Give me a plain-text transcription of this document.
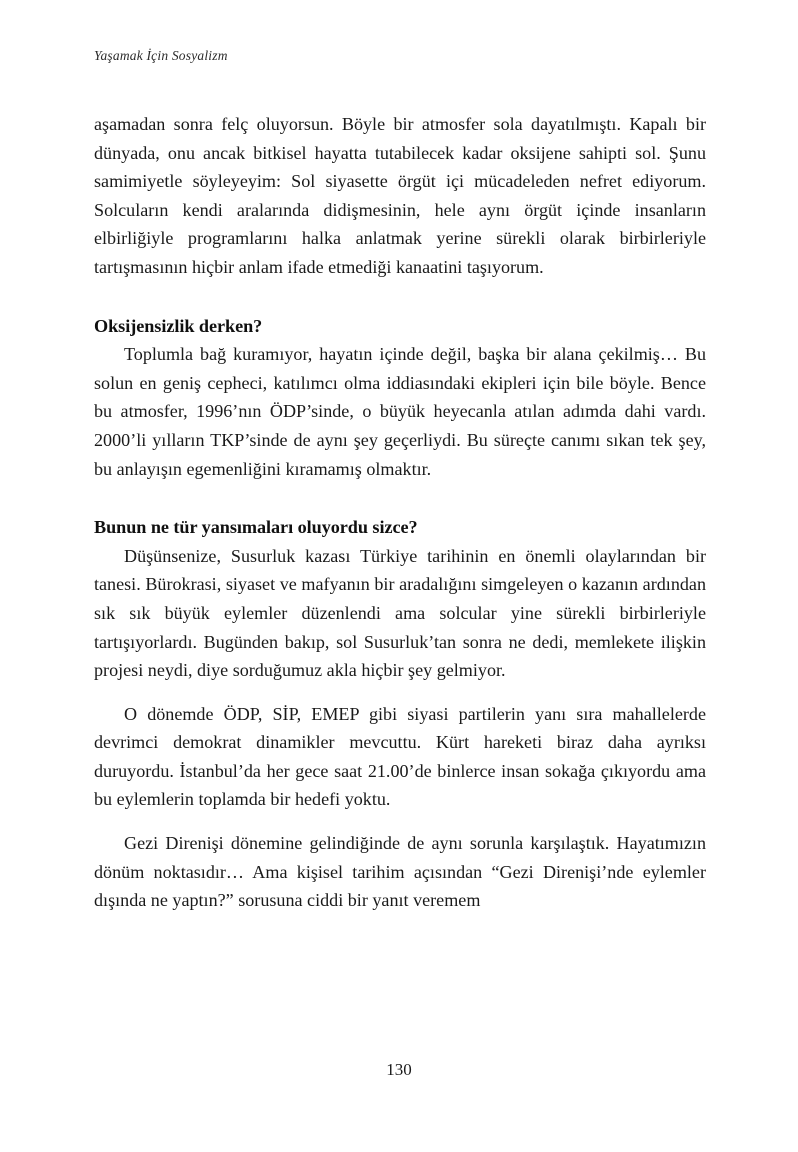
Yaşamak İçin Sosyalizm

aşamadan sonra felç oluyorsun. Böyle bir atmosfer sola dayatılmıştı. Kapalı bir dünyada, onu ancak bitkisel hayatta tutabilecek kadar oksijene sahipti sol. Şunu samimiyetle söyleyeyim: Sol siyasette örgüt içi mücadeleden nefret ediyorum. Solcuların kendi aralarında didişmesinin, hele aynı örgüt içinde insanların elbirliğiyle programlarını halka anlatmak yerine sürekli olarak birbirleriyle tartışmasının hiçbir anlam ifade etmediği kanaatini taşıyorum.

Oksijensizlik derken?

Toplumla bağ kuramıyor, hayatın içinde değil, başka bir alana çekilmiş… Bu solun en geniş cepheci, katılımcı olma iddiasındaki ekipleri için bile böyle. Bence bu atmosfer, 1996’nın ÖDP’sinde, o büyük heyecanla atılan adımda dahi vardı. 2000’li yılların TKP’sinde de aynı şey geçerliydi. Bu süreçte canımı sıkan tek şey, bu anlayışın egemenliğini kıramamış olmaktır.

Bunun ne tür yansımaları oluyordu sizce?

Düşünsenize, Susurluk kazası Türkiye tarihinin en önemli olaylarından bir tanesi. Bürokrasi, siyaset ve mafyanın bir aradalığını simgeleyen o kazanın ardından sık sık büyük eylemler düzenlendi ama solcular yine sürekli birbirleriyle tartışıyorlardı. Bugünden bakıp, sol Susurluk’tan sonra ne dedi, memlekete ilişkin projesi neydi, diye sorduğumuz akla hiçbir şey gelmiyor.

O dönemde ÖDP, SİP, EMEP gibi siyasi partilerin yanı sıra mahallelerde devrimci demokrat dinamikler mevcuttu. Kürt hareketi biraz daha ayrıksı duruyordu. İstanbul’da her gece saat 21.00’de binlerce insan sokağa çıkıyordu ama bu eylemlerin toplamda bir hedefi yoktu.

Gezi Direnişi dönemine gelindiğinde de aynı sorunla karşılaştık. Hayatımızın dönüm noktasıdır… Ama kişisel tarihim açısından “Gezi Direnişi’nde eylemler dışında ne yaptın?” sorusuna ciddi bir yanıt veremem

130
